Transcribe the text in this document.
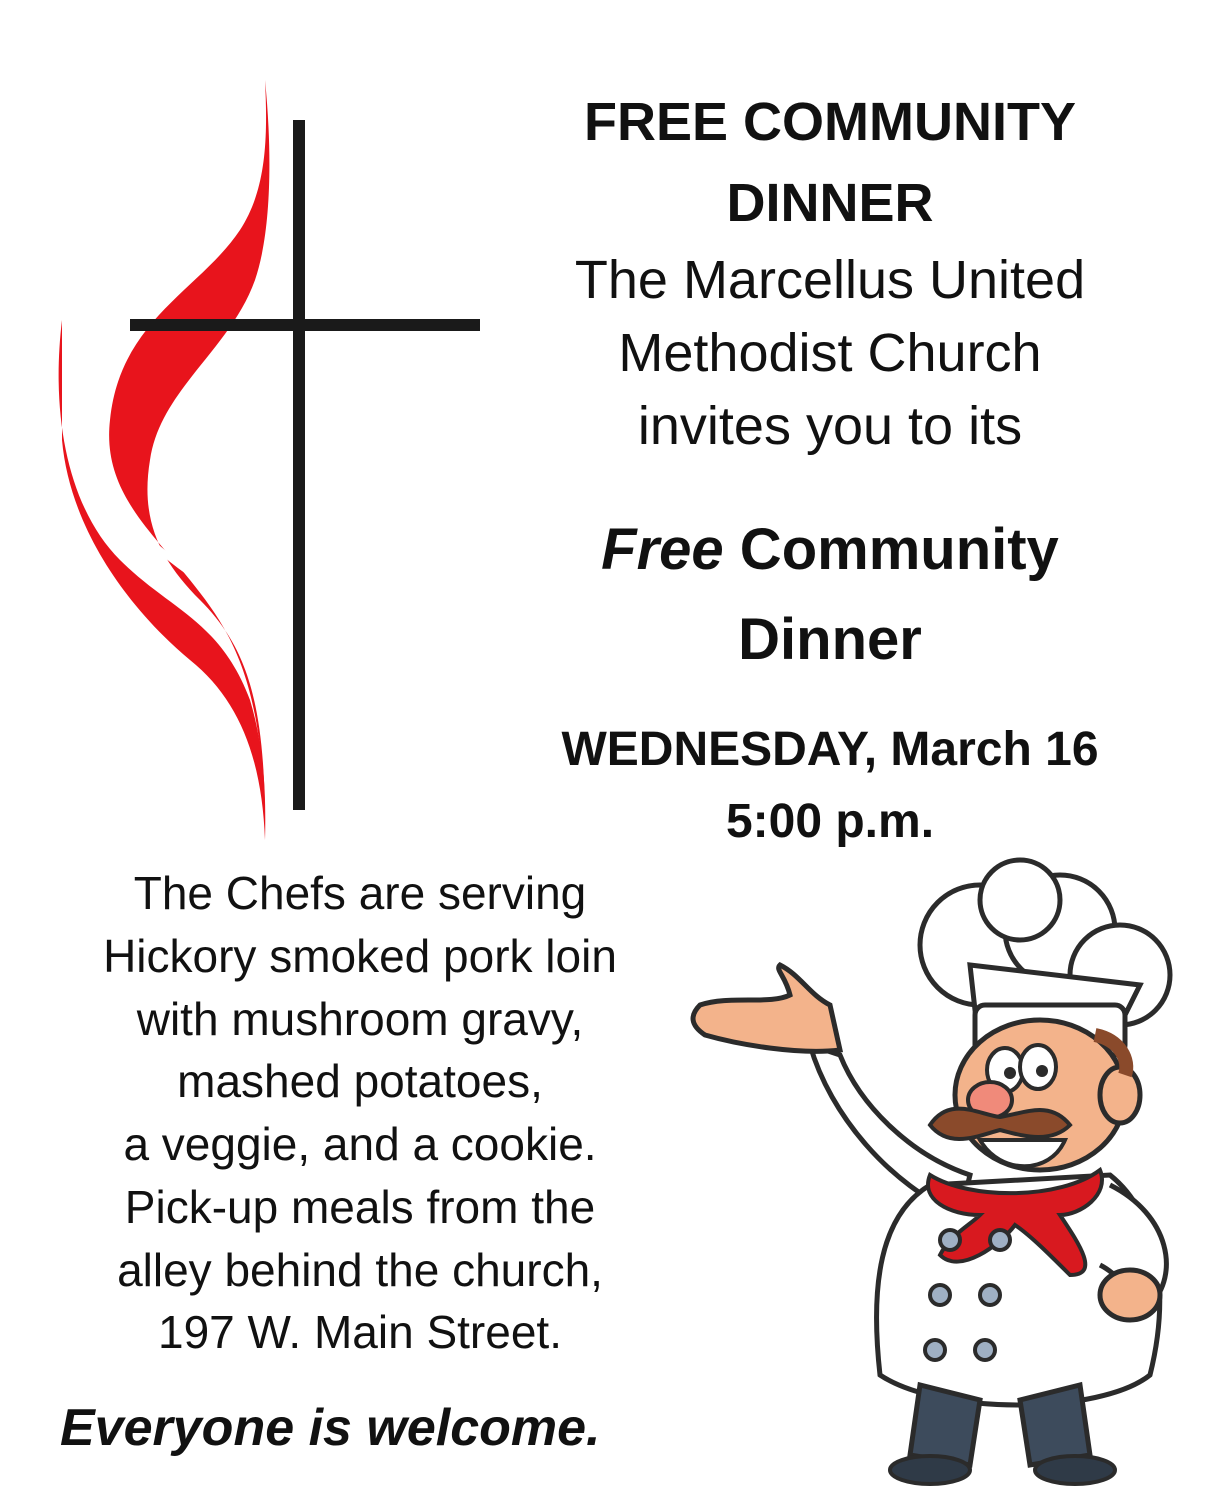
FREE COMMUNITY
DINNER

The Marcellus United
Methodist Church
invites you to its

Free Community
Dinner
WEDNESDAY, March 16
5:00 p.m.

The Chefs are serving
Hickory smoked pork loin
with mushroom gravy,
mashed potatoes,
a veggie, and a cookie.
Pick-up meals from the
alley behind the church,
197 W. Main Street.

Everyone is welcome.
